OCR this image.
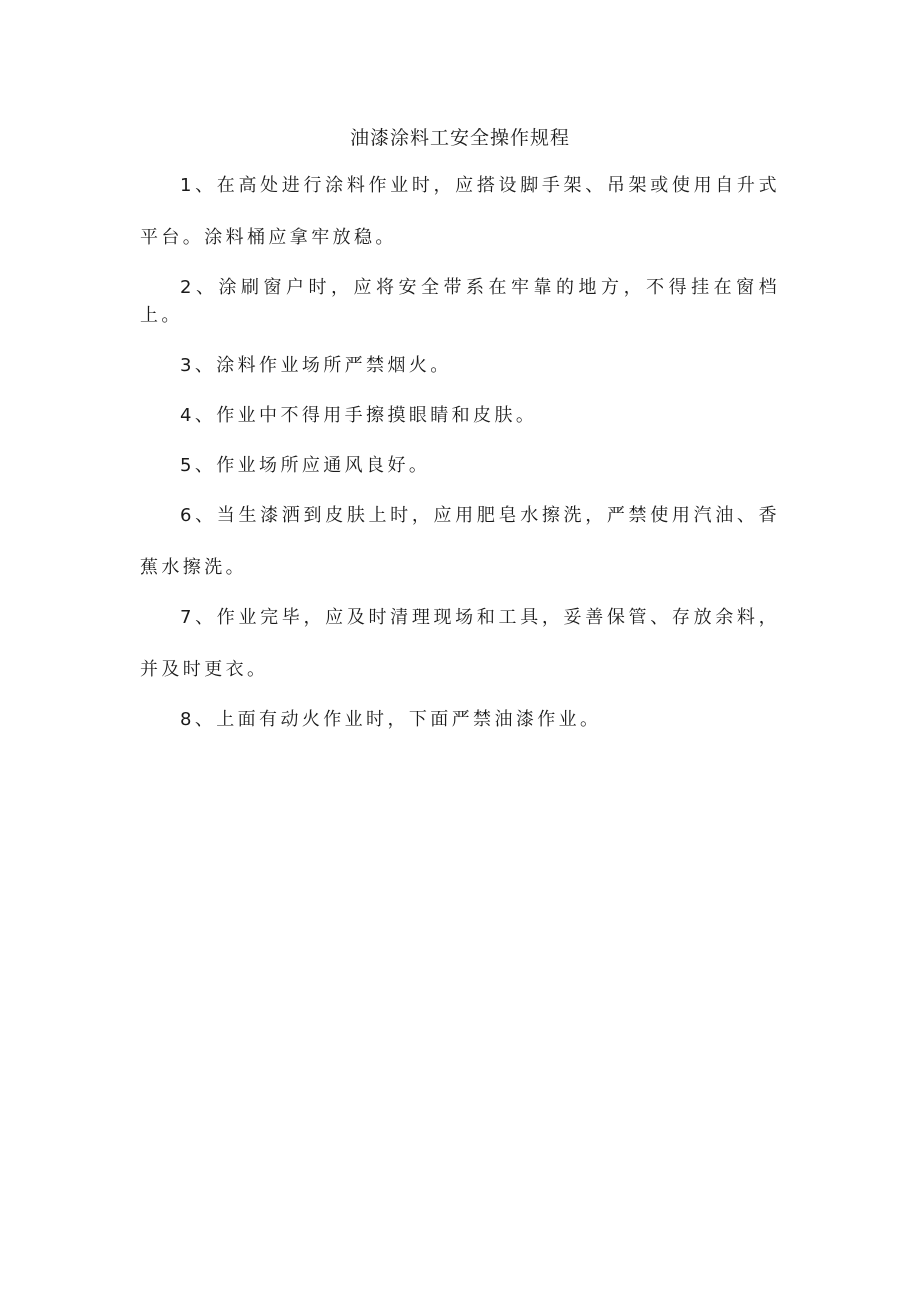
油漆涂料工安全操作规程

1、在高处进行涂料作业时，应搭设脚手架、吊架或使用自升式平台。涂料桶应拿牢放稳。

2、涂刷窗户时，应将安全带系在牢靠的地方，不得挂在窗档上。

3、涂料作业场所严禁烟火。

4、作业中不得用手擦摸眼睛和皮肤。

5、作业场所应通风良好。

6、当生漆洒到皮肤上时，应用肥皂水擦洗，严禁使用汽油、香蕉水擦洗。

7、作业完毕，应及时清理现场和工具，妥善保管、存放余料，并及时更衣。

8、上面有动火作业时，下面严禁油漆作业。
